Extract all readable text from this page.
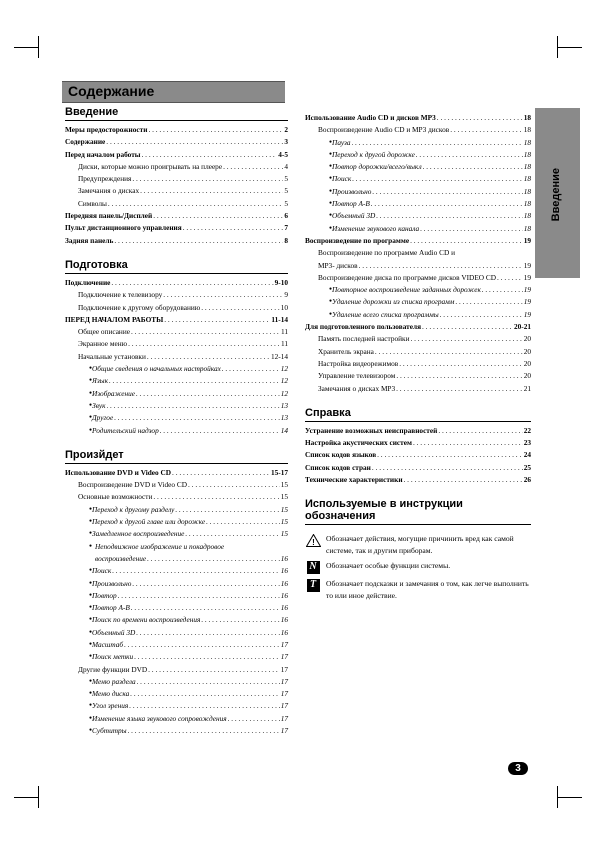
Содержание
Введение
Введение
Меры предосторожности . . .	2
Содержание . . .	3
Перед началом работы . . .	4-5
Диски, которые можно проигрывать на плеере . . .	4
Предупреждения . . .	5
Замечания о дисках . . .	5
Символы . . .	5
Передняя панель/Дисплей . . .	6
Пульт дистанционного управления . . .	7
Задняя панель . . .	8
Подготовка
Подключение . . .	9-10
Подключение к телевизору . . .	9
Подключение к другому оборудованию . . .	10
ПЕРЕД НАЧАЛОМ РАБОТЫ . . .	11-14
Общее описание . . .	11
Экранное меню . . .	11
Начальные установки . . .	12-14
● Общие сведения о начальных настройках . . .	12
● Язык . . .	12
● Изображение . . .	12
● Звук . . .	13
● Другое . . .	13
● Родительский надзор . . .	14
Произйдет
Использование DVD и Video CD . . .	15-17
Воспроизведение DVD и Video CD . . .	15
Основные возможности . . .	15
● Переход к другому разделу . . .	15
● Переход к другой главе или дорожке . . .	15
● Замедленное воспроизведение . . .	15
● Неподвижное изображение и покадровое
воспроизведение . . .	16
● Поиск . . .	16
● Произвольно . . .	16
● Повтор . . .	16
● Повтор A-B . . .	16
● Поиск по времени воспроизведения . . .	16
● Объемный 3D . . .	16
● Масштаб . . .	17
● Поиск метки . . .	17
Другие функции DVD . . .	17
● Меню раздела . . .	17
● Меню диска . . .	17
● Угол зрения . . .	17
● Изменение языка звукового сопровождения . . .	17
● Субтитры . . .	17
Использование Audio CD и дисков MP3 . . .	18
Воспроизведение Audio CD и MP3 дисков . . .	18
● Пауза . . .	18
● Переход к другой дорожке . . .	18
● Повтор дорожки/всего/выкл . . .	18
● Поиск . . .	18
● Произвольно . . .	18
● Повтор A-B . . .	18
● Объемный 3D . . .	18
● Изменение звукового канала . . .	18
Воспроизведение по программе . . .	19
Воспроизведение по программе Audio CD и
MP3- дисков . . .	19
Воспроизведение диска по программе дисков VIDEO CD . . .	19
● Повторное воспроизведение заданных дорожек . . .	19
● Удаление дорожки из списка программ . . .	19
● Удаление всего списка программы . . .	19
Для подготовленного пользователя . . .	20-21
Память последней настройки . . .	20
Хранитель экрана . . .	20
Настройка видеорежимов . . .	20
Управление телевизором . . .	20
Замечания о дисках MP3 . . .	21
Справка
Устранение возможных неисправностей . . .	22
Настройка акустических систем . . .	23
Список кодов языков . . .	24
Список кодов стран . . .	25
Технические характеристики . . .	26
Используемые в инструкции обозначения
! Обозначает действия, могущие причинить вред как самой системе, так и другим приборам.
N	Обозначает особые функции системы.
T	Обозначает подсказки и замечания о том, как легче выполнить то или иное действие.
3
